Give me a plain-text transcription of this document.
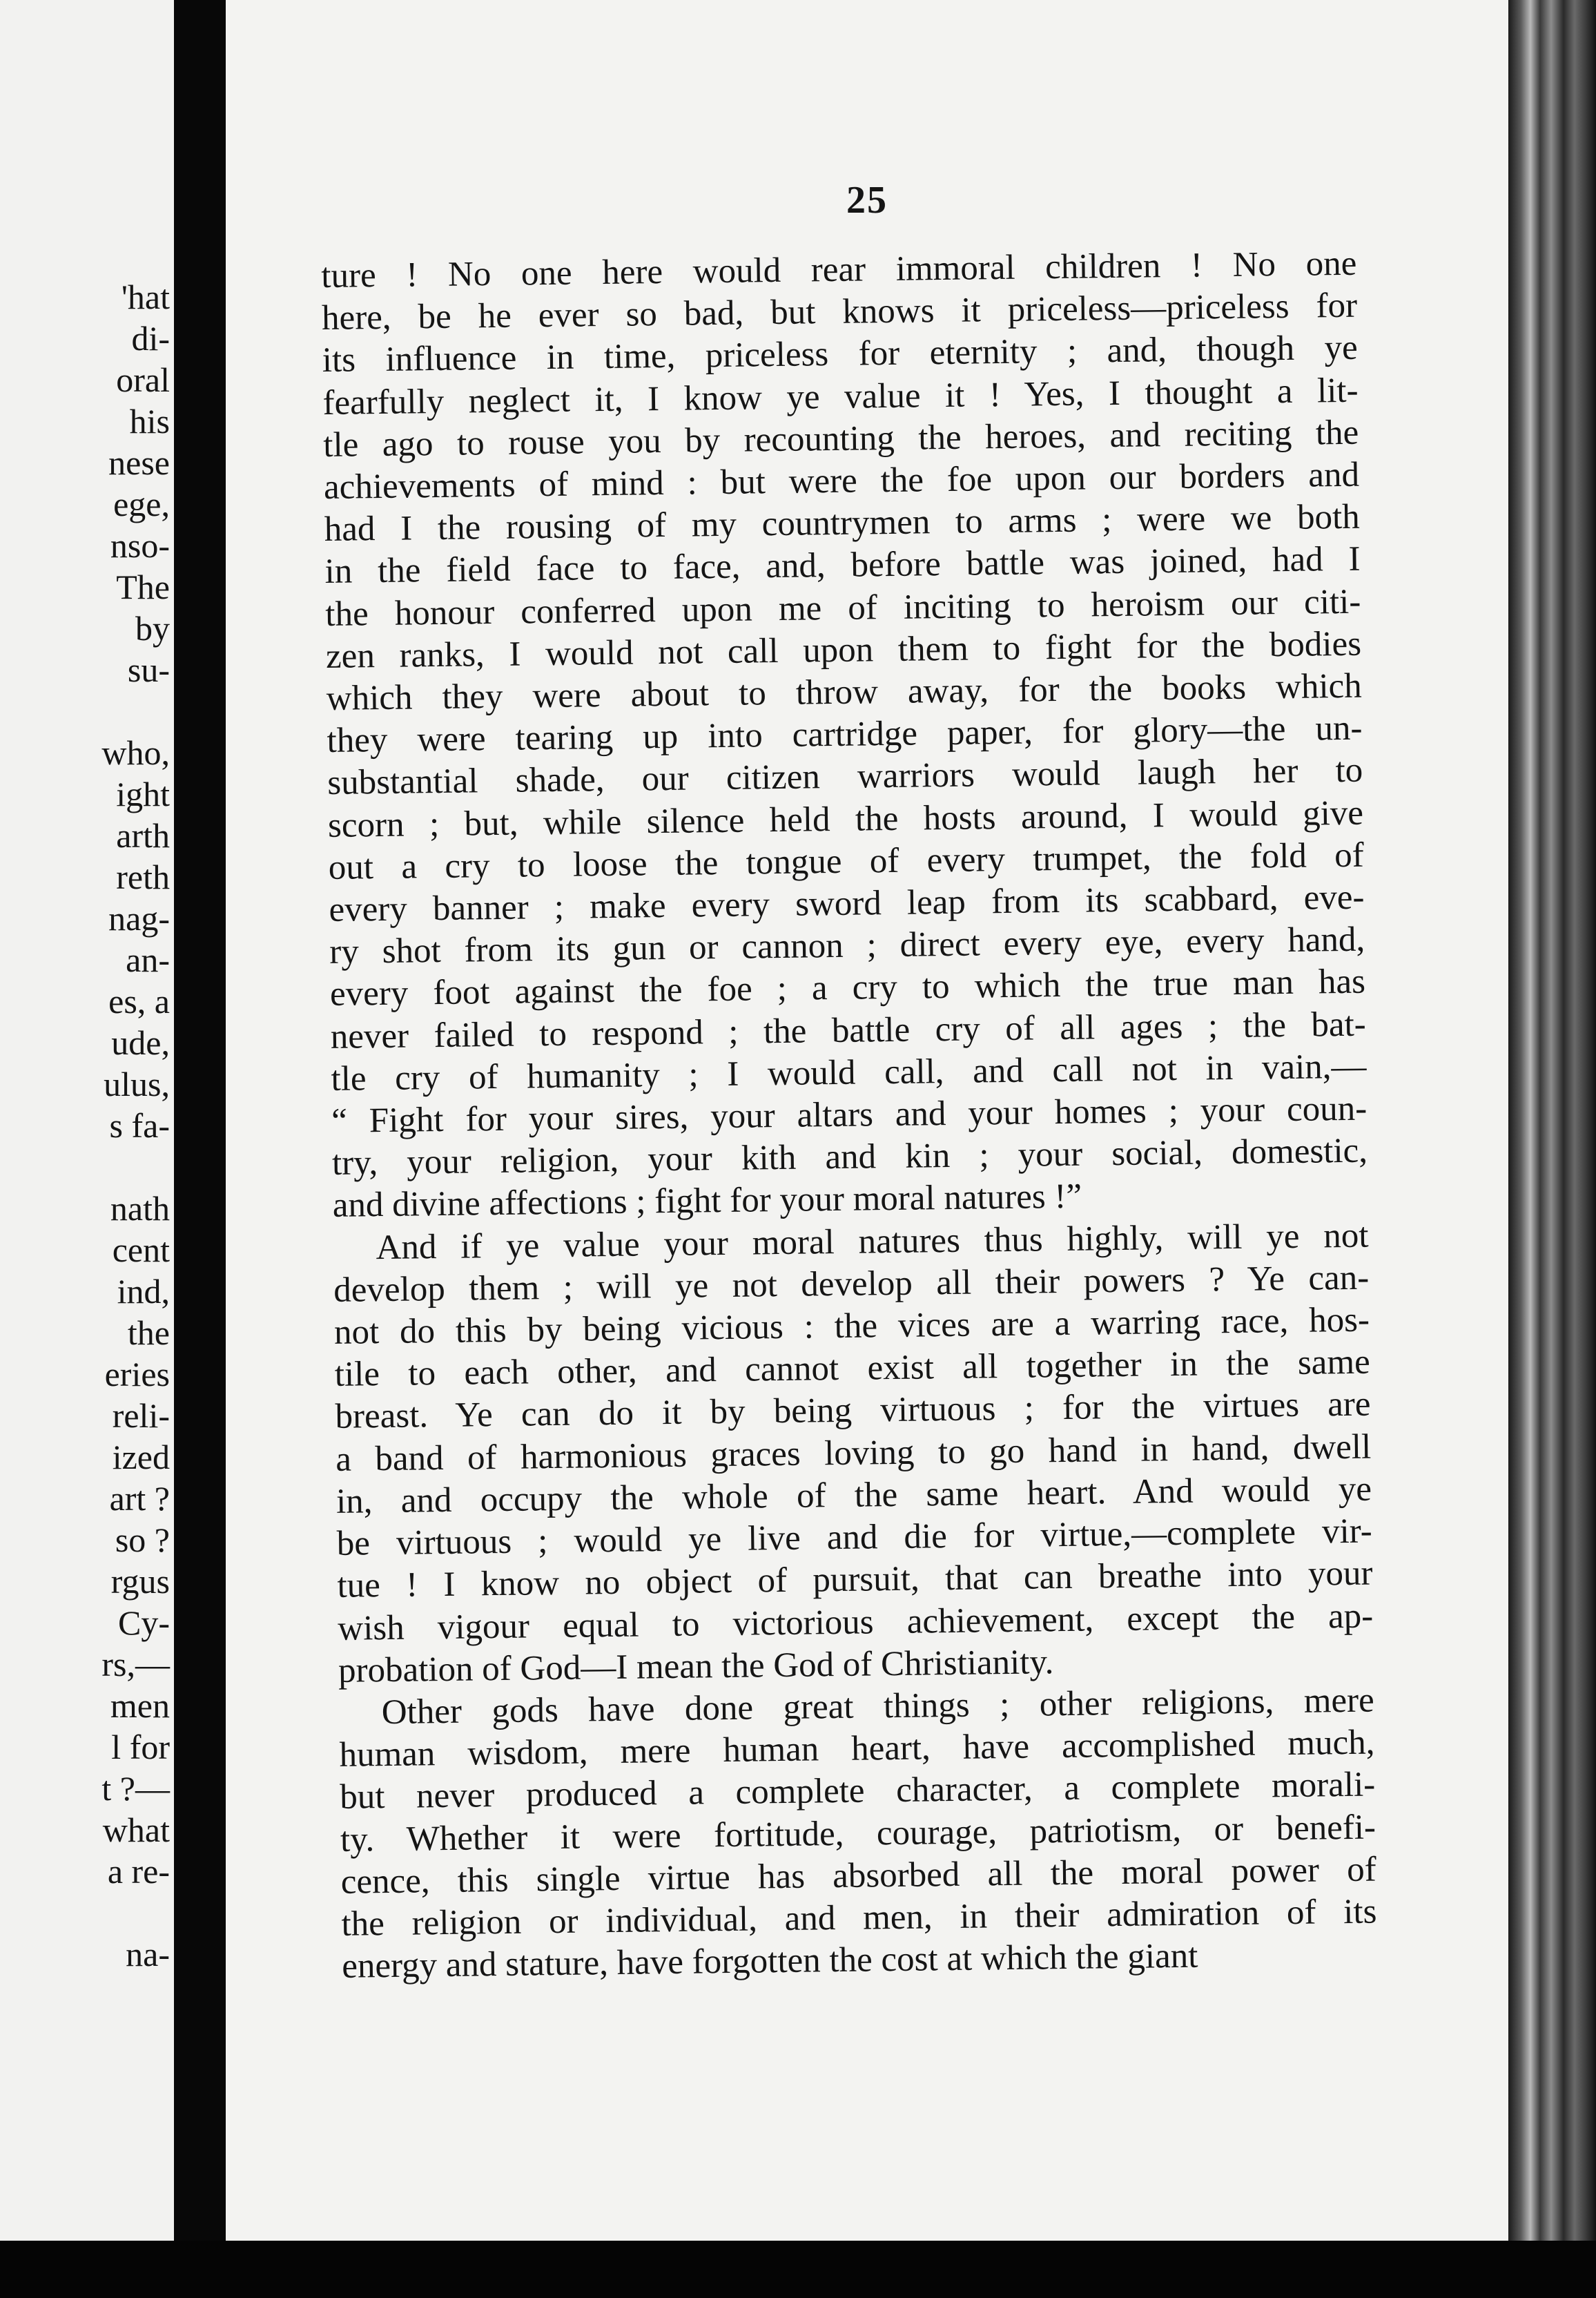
'hat
di-
oral
his
nese
ege,
nso-
The
by
su-
who,
ight
arth
reth
nag-
an-
es, a
ude,
ulus,
s fa-
nath
cent
ind,
the
eries
reli-
ized
art ?
so ?
rgus
Cy-
rs,—
men
l for
t ?—
what
a re-
na-
25
ture ! No one here would rear immoral children ! No one
here, be he ever so bad, but knows it priceless—priceless for
its influence in time, priceless for eternity ; and, though ye
fearfully neglect it, I know ye value it ! Yes, I thought a lit-
tle ago to rouse you by recounting the heroes, and reciting the
achievements of mind : but were the foe upon our borders and
had I the rousing of my countrymen to arms ; were we both
in the field face to face, and, before battle was joined, had I
the honour conferred upon me of inciting to heroism our citi-
zen ranks, I would not call upon them to fight for the bodies
which they were about to throw away, for the books which
they were tearing up into cartridge paper, for glory—the un-
substantial shade, our citizen warriors would laugh her to
scorn ; but, while silence held the hosts around, I would give
out a cry to loose the tongue of every trumpet, the fold of
every banner ; make every sword leap from its scabbard, eve-
ry shot from its gun or cannon ; direct every eye, every hand,
every foot against the foe ; a cry to which the true man has
never failed to respond ; the battle cry of all ages ; the bat-
tle cry of humanity ; I would call, and call not in vain,—
“ Fight for your sires, your altars and your homes ; your coun-
try, your religion, your kith and kin ; your social, domestic,
and divine affections ; fight for your moral natures !”
And if ye value your moral natures thus highly, will ye not
develop them ; will ye not develop all their powers ? Ye can-
not do this by being vicious : the vices are a warring race, hos-
tile to each other, and cannot exist all together in the same
breast. Ye can do it by being virtuous ; for the virtues are
a band of harmonious graces loving to go hand in hand, dwell
in, and occupy the whole of the same heart. And would ye
be virtuous ; would ye live and die for virtue,—complete vir-
tue ! I know no object of pursuit, that can breathe into your
wish vigour equal to victorious achievement, except the ap-
probation of God—I mean the God of Christianity.
Other gods have done great things ; other religions, mere
human wisdom, mere human heart, have accomplished much,
but never produced a complete character, a complete morali-
ty. Whether it were fortitude, courage, patriotism, or benefi-
cence, this single virtue has absorbed all the moral power of
the religion or individual, and men, in their admiration of its
energy and stature, have forgotten the cost at which the giant
